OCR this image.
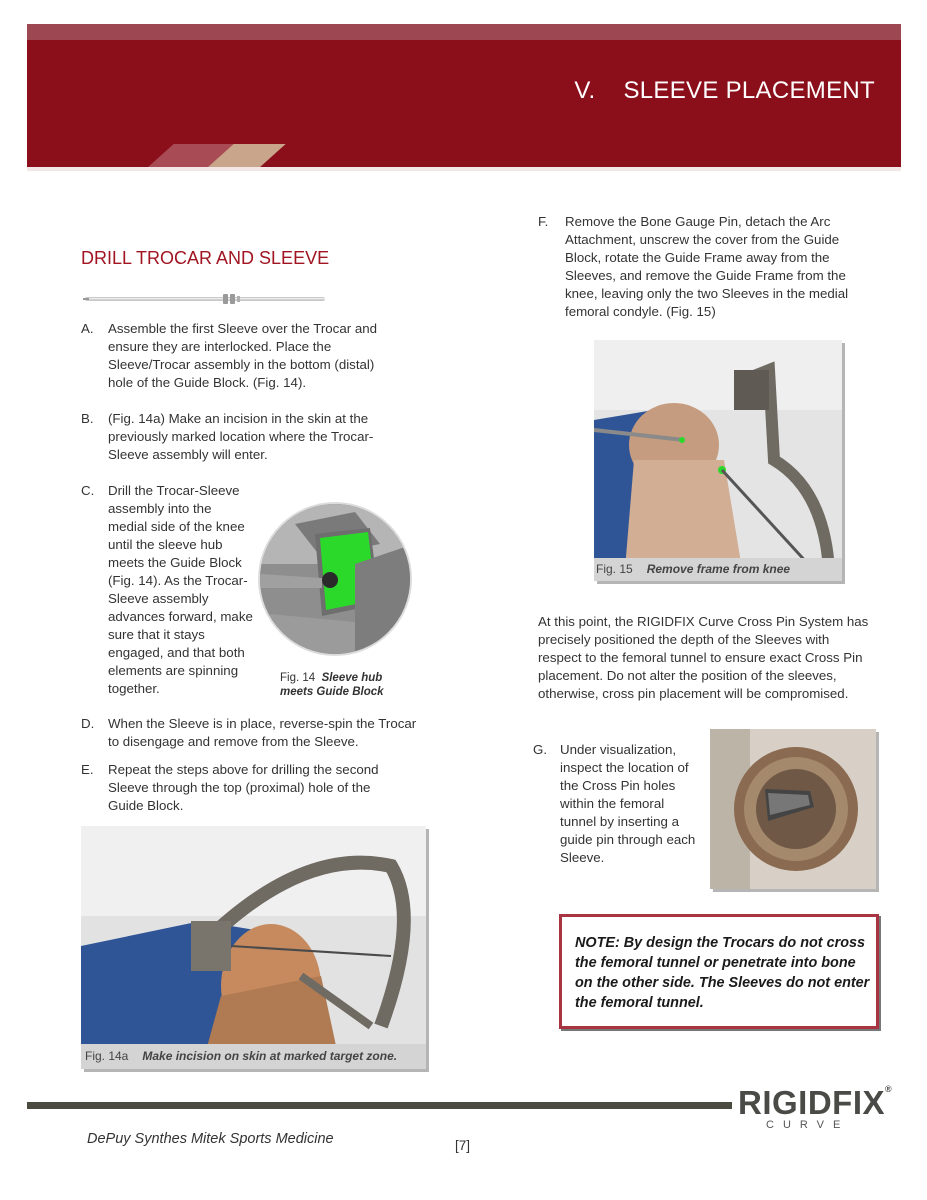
V. SLEEVE PLACEMENT
DRILL TROCAR AND SLEEVE
A. Assemble the first Sleeve over the Trocar and ensure they are interlocked. Place the Sleeve/Trocar assembly in the bottom (distal) hole of the Guide Block. (Fig. 14).
B. (Fig. 14a) Make an incision in the skin at the previously marked location where the Trocar-Sleeve assembly will enter.
C. Drill the Trocar-Sleeve assembly into the medial side of the knee until the sleeve hub meets the Guide Block (Fig. 14). As the Trocar-Sleeve assembly advances forward, make sure that it stays engaged, and that both elements are spinning together.
Fig. 14 Sleeve hub
meets Guide Block
D. When the Sleeve is in place, reverse-spin the Trocar to disengage and remove from the Sleeve.
E. Repeat the steps above for drilling the second Sleeve through the top (proximal) hole of the Guide Block.
Fig. 14a Make incision on skin at marked target zone.
F. Remove the Bone Gauge Pin, detach the Arc Attachment, unscrew the cover from the Guide Block, rotate the Guide Frame away from the Sleeves, and remove the Guide Frame from the knee, leaving only the two Sleeves in the medial femoral condyle. (Fig. 15)
Fig. 15 Remove frame from knee
At this point, the RIGIDFIX Curve Cross Pin System has precisely positioned the depth of the Sleeves with respect to the femoral tunnel to ensure exact Cross Pin placement. Do not alter the position of the sleeves, otherwise, cross pin placement will be compromised.
G. Under visualization, inspect the location of the Cross Pin holes within the femoral tunnel by inserting a guide pin through each Sleeve.
NOTE: By design the Trocars do not cross the femoral tunnel or penetrate into bone on the other side. The Sleeves do not enter the femoral tunnel.
DePuy Synthes Mitek Sports Medicine	[7]
RIGIDFIX®
CURVE
